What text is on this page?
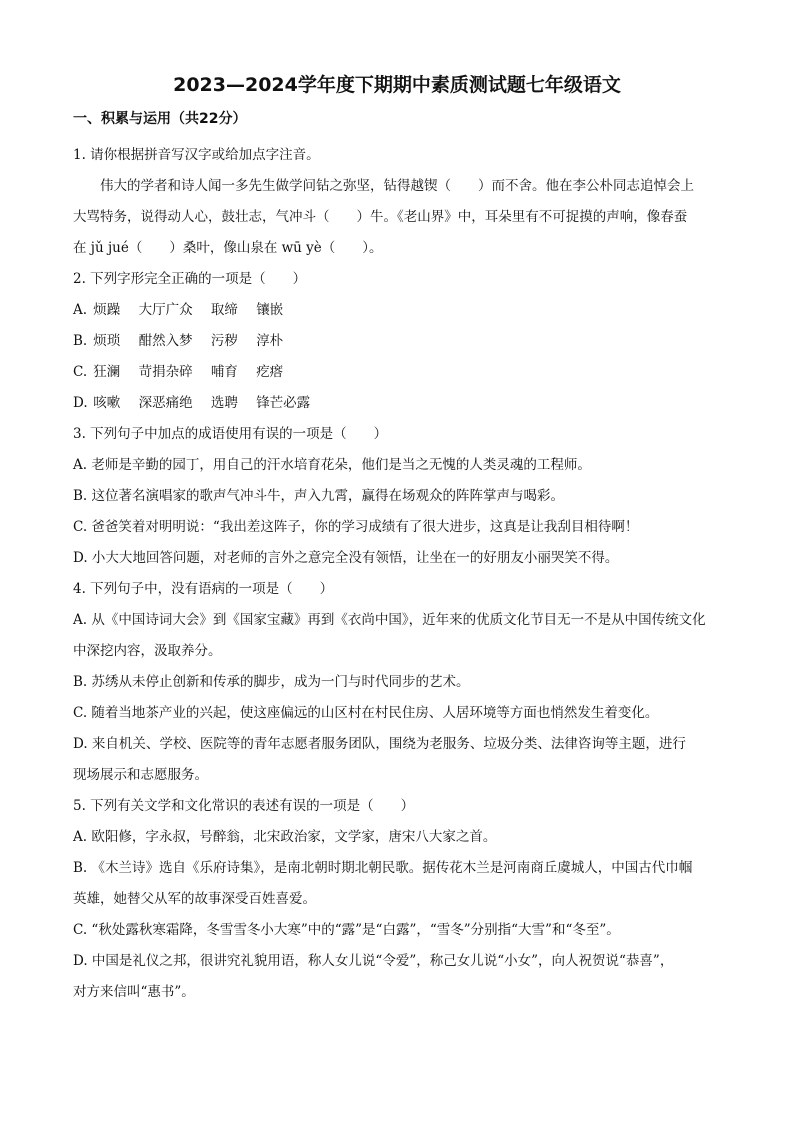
2023—2024学年度下期期中素质测试题七年级语文
一、积累与运用（共22分）
1. 请你根据拼音写汉字或给加点字注音。
伟大的学者和诗人闻一多先生做学问钻之弥坚，钻得越锲（　　）而不舍。他在李公朴同志追悼会上
大骂特务，说得动人心，鼓壮志，气冲斗（　　）牛。《老山界》中，耳朵里有不可捉摸的声响，像春蚕
在 jǔ jué（　　）桑叶，像山泉在 wū yè（　　）。
2. 下列字形完全正确的一项是（　　）
A. 烦躁 大厅广众 取缔 镶嵌
B. 烦琐 酣然入梦 污秽 淳朴
C. 狂澜 苛捐杂碎 哺育 疙瘩
D. 咳嗽 深恶痛绝 选聘 锋芒必露
3. 下列句子中加点的成语使用有误的一项是（　　）
A. 老师是辛勤的园丁，用自己的汗水培育花朵，他们是当之无愧的人类灵魂的工程师。
B. 这位著名演唱家的歌声气冲斗牛，声入九霄，赢得在场观众的阵阵掌声与喝彩。
C. 爸爸笑着对明明说：“我出差这阵子，你的学习成绩有了很大进步，这真是让我刮目相待啊！
D. 小大大地回答问题，对老师的言外之意完全没有领悟，让坐在一的好朋友小丽哭笑不得。
4. 下列句子中，没有语病的一项是（　　）
A. 从《中国诗词大会》到《国家宝藏》再到《衣尚中国》，近年来的优质文化节目无一不是从中国传统文化
中深挖内容，汲取养分。
B. 苏绣从未停止创新和传承的脚步，成为一门与时代同步的艺术。
C. 随着当地茶产业的兴起，使这座偏远的山区村在村民住房、人居环境等方面也悄然发生着变化。
D. 来自机关、学校、医院等的青年志愿者服务团队，围绕为老服务、垃圾分类、法律咨询等主题，进行
现场展示和志愿服务。
5. 下列有关文学和文化常识的表述有误的一项是（　　）
A. 欧阳修，字永叔，号醉翁，北宋政治家，文学家，唐宋八大家之首。
B. 《木兰诗》选自《乐府诗集》，是南北朝时期北朝民歌。据传花木兰是河南商丘虞城人，中国古代巾帼
英雄，她替父从军的故事深受百姓喜爱。
C. “秋处露秋寒霜降，冬雪雪冬小大寒”中的“露”是“白露”，“雪冬”分别指“大雪”和“冬至”。
D. 中国是礼仪之邦，很讲究礼貌用语，称人女儿说“令爱”，称己女儿说“小女”，向人祝贺说“恭喜”，
对方来信叫“惠书”。
